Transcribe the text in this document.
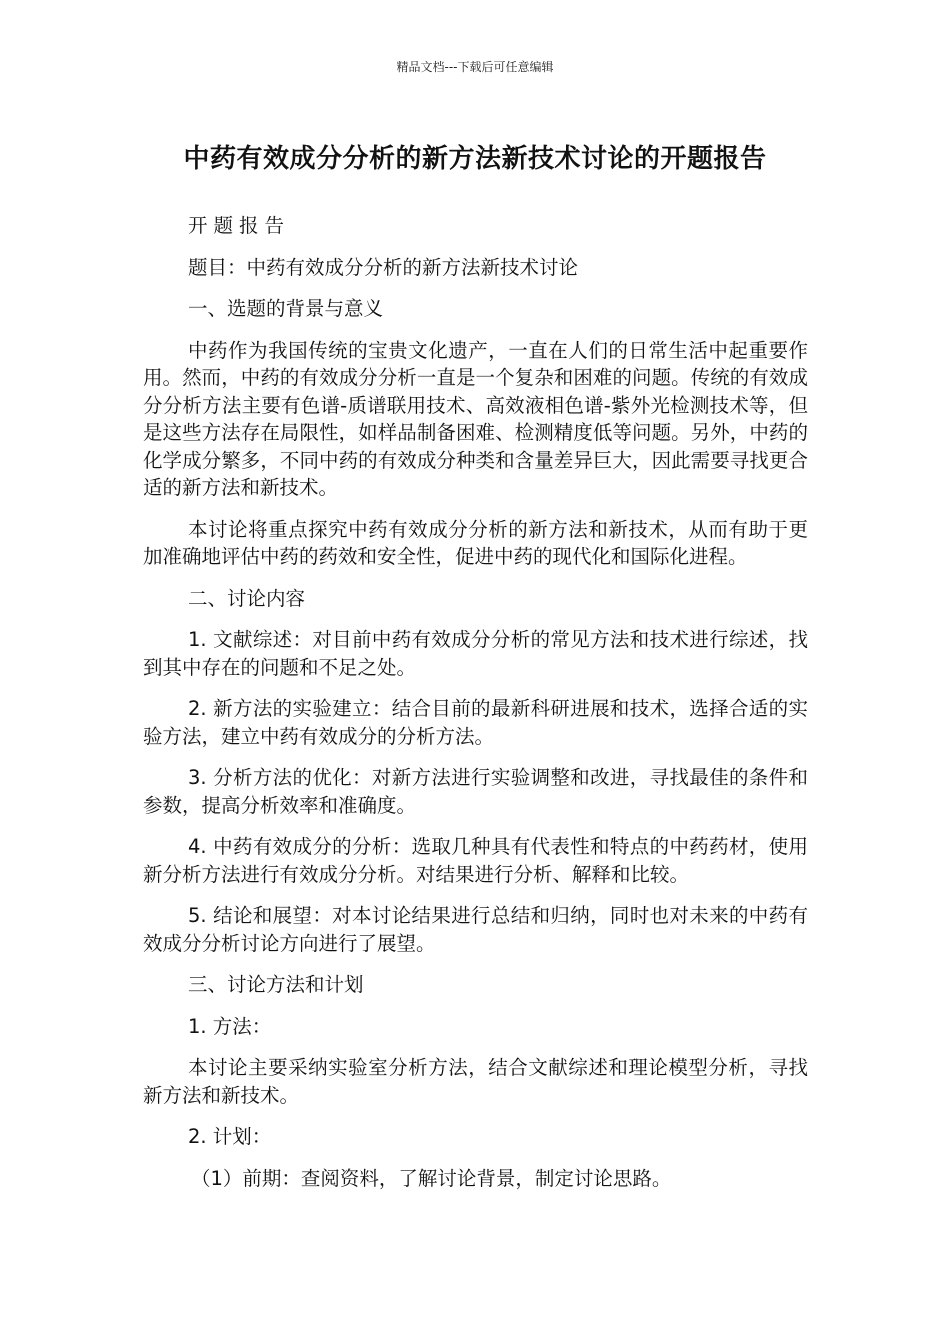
精品文档---下载后可任意编辑
中药有效成分分析的新方法新技术讨论的开题报告

开题报告

题目：中药有效成分分析的新方法新技术讨论

一、选题的背景与意义

中药作为我国传统的宝贵文化遗产，一直在人们的日常生活中起重要作用。然而，中药的有效成分分析一直是一个复杂和困难的问题。传统的有效成分分析方法主要有色谱-质谱联用技术、高效液相色谱-紫外光检测技术等，但是这些方法存在局限性，如样品制备困难、检测精度低等问题。另外，中药的化学成分繁多，不同中药的有效成分种类和含量差异巨大，因此需要寻找更合适的新方法和新技术。

本讨论将重点探究中药有效成分分析的新方法和新技术，从而有助于更加准确地评估中药的药效和安全性，促进中药的现代化和国际化进程。

二、讨论内容

1. 文献综述：对目前中药有效成分分析的常见方法和技术进行综述，找到其中存在的问题和不足之处。

2. 新方法的实验建立：结合目前的最新科研进展和技术，选择合适的实验方法，建立中药有效成分的分析方法。

3. 分析方法的优化：对新方法进行实验调整和改进，寻找最佳的条件和参数，提高分析效率和准确度。

4. 中药有效成分的分析：选取几种具有代表性和特点的中药药材，使用新分析方法进行有效成分分析。对结果进行分析、解释和比较。

5. 结论和展望：对本讨论结果进行总结和归纳，同时也对未来的中药有效成分分析讨论方向进行了展望。

三、讨论方法和计划

1. 方法：

本讨论主要采纳实验室分析方法，结合文献综述和理论模型分析，寻找新方法和新技术。

2. 计划：

（1）前期：查阅资料，了解讨论背景，制定讨论思路。
